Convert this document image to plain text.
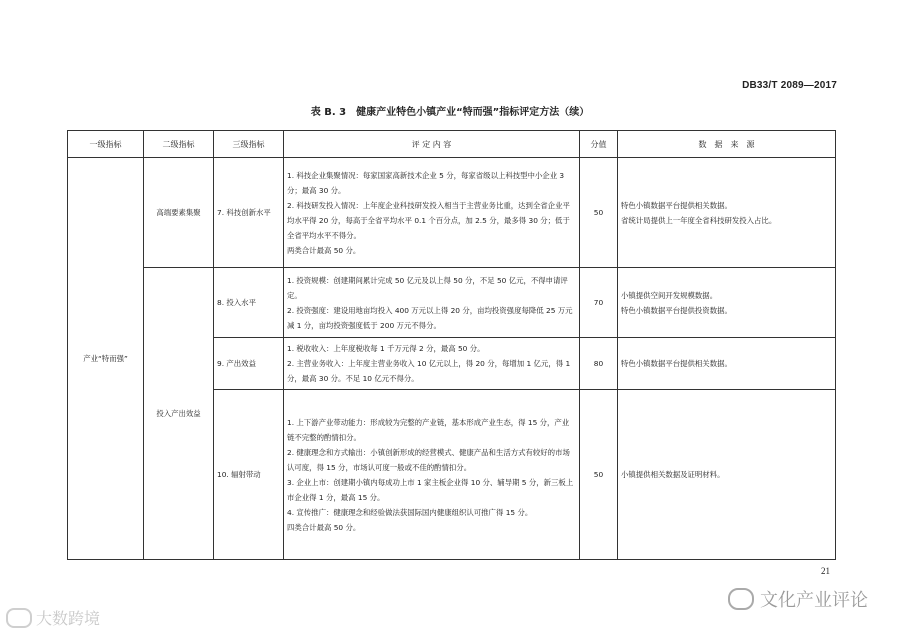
DB33/T 2089—2017
表 B. 3　健康产业特色小镇产业“特而强”指标评定方法（续）
一级指标	二级指标	三级指标	评 定 内 容	分值	数　据　来　源
产业“特而强”	高端要素集聚	7. 科技创新水平	1. 科技企业集聚情况：每家国家高新技术企业 5 分，每家省级以上科技型中小企业 3 分；最高 30 分。
2. 科技研发投入情况：上年度企业科技研发投入相当于主营业务比重，达到全省企业平均水平得 20 分，每高于全省平均水平 0.1 个百分点，加 2.5 分，最多得 30 分；低于全省平均水平不得分。
两类合计最高 50 分。	50	特色小镇数据平台提供相关数据。
省统计局提供上一年度全省科技研发投入占比。

	投入产出效益	8. 投入水平	1. 投资规模：创建期间累计完成 50 亿元及以上得 50 分，不足 50 亿元，不得申请评定。
2. 投资强度：建设用地亩均投入 400 万元以上得 20 分，亩均投资强度每降低 25 万元减 1 分，亩均投资强度低于 200 万元不得分。	70	小镇提供空间开发规模数据。
特色小镇数据平台提供投资数据。

		9. 产出效益	1. 税收收入：上年度税收每 1 千万元得 2 分，最高 50 分。
2. 主营业务收入：上年度主营业务收入 10 亿元以上，得 20 分，每增加 1 亿元，得 1 分，最高 30 分。不足 10 亿元不得分。	80	特色小镇数据平台提供相关数据。

		10. 辐射带动	1. 上下游产业带动能力：形成较为完整的产业链，基本形成产业生态，得 15 分，产业链不完整的酌情扣分。
2. 健康理念和方式输出：小镇创新形成的经营模式、健康产品和生活方式有较好的市场认可度，得 15 分，市场认可度一般或不佳的酌情扣分。
3. 企业上市：创建期小镇内每成功上市 1 家主板企业得 10 分、辅导期 5 分，新三板上市企业得 1 分，最高 15 分。
4. 宣传推广：健康理念和经验做法获国际国内健康组织认可推广得 15 分。
四类合计最高 50 分。	50	小镇提供相关数据及证明材料。
21
文化产业评论
大数跨境
